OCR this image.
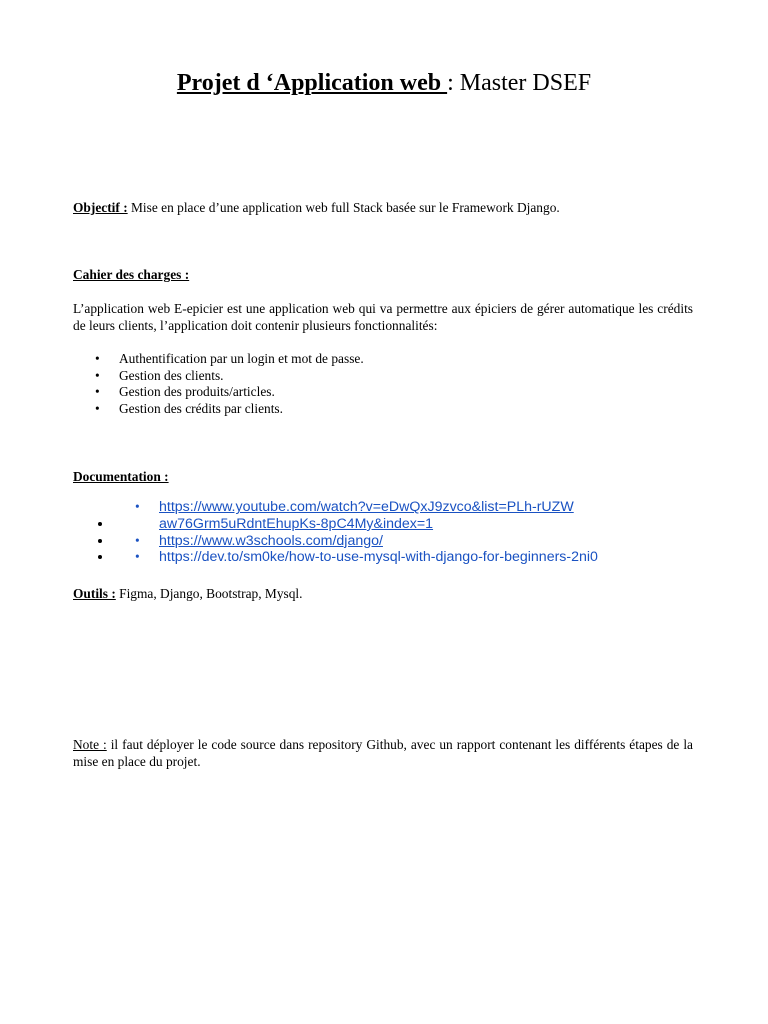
Projet d ‘Application web : Master DSEF
Objectif : Mise en place d’une application web full Stack basée sur le Framework Django.
Cahier des charges :
L’application web E-epicier est une application web qui va permettre aux épiciers de gérer automatique les crédits de leurs clients, l’application doit contenir plusieurs fonctionnalités:
• Authentification par un login et mot de passe.
• Gestion des clients.
• Gestion des produits/articles.
• Gestion des crédits par clients.
Documentation :
• • https://www.youtube.com/watch?v=eDwQxJ9zvco&list=PLh-rUZWaw76Grm5uRdntEhupKs-8pC4My&index=1
• • https://www.w3schools.com/django/
• • https://dev.to/sm0ke/how-to-use-mysql-with-django-for-beginners-2ni0
Outils : Figma, Django, Bootstrap, Mysql.
Note : il faut déployer le code source dans repository Github, avec un rapport contenant les différents étapes de la mise en place du projet.
